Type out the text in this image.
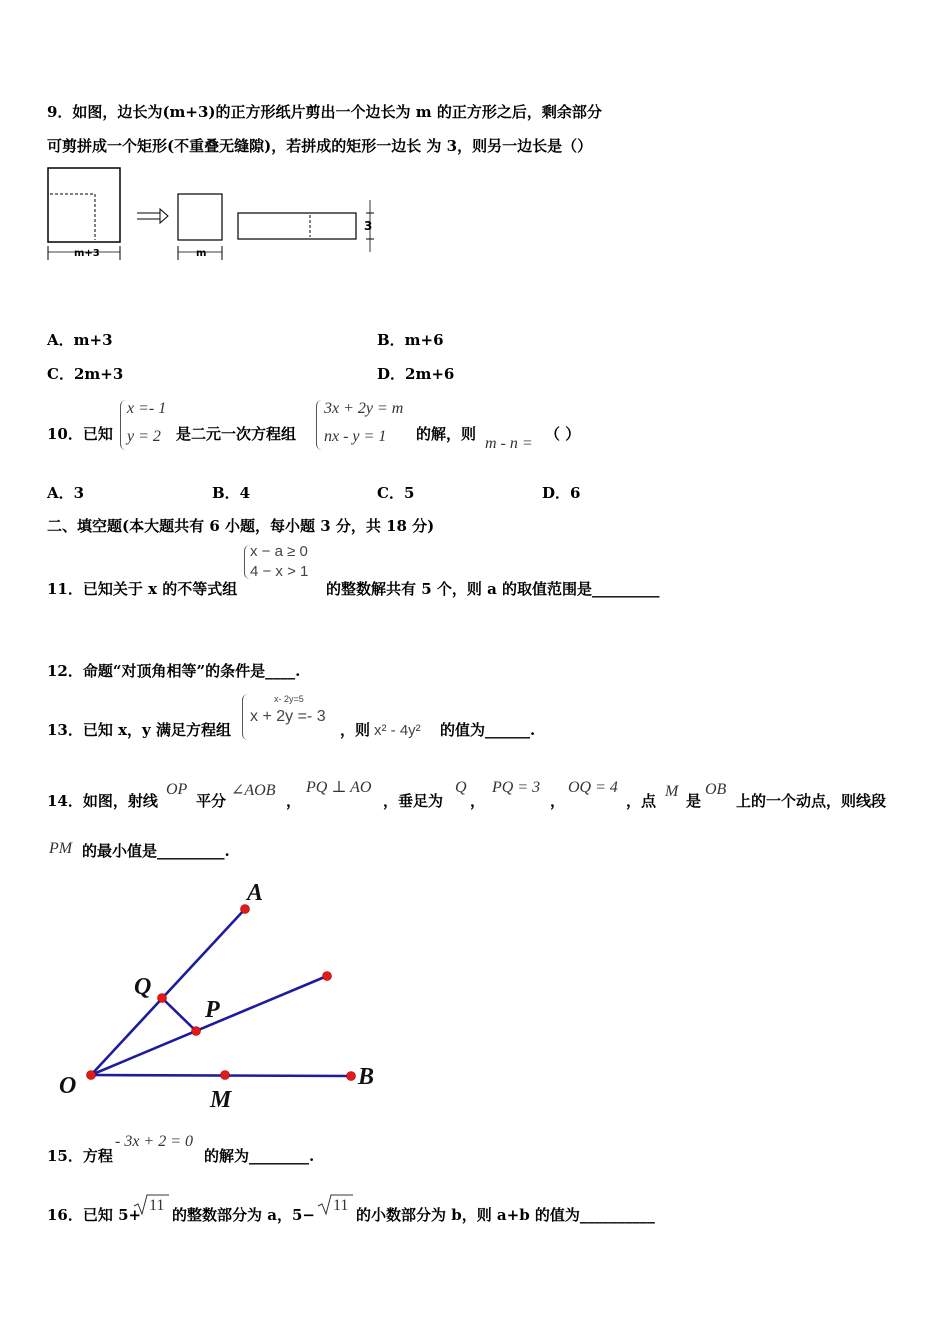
9．如图，边长为(m+3)的正方形纸片剪出一个边长为 m 的正方形之后，剩余部分
可剪拼成一个矩形(不重叠无缝隙)，若拼成的矩形一边长 为 3，则另一边长是（）
m+3	m
3
A．m+3	B．m+6
C．2m+3	D．2m+6
10．已知
x =- 1
y = 2 是二元一次方程组
3x + 2y = m
nx - y = 1 的解，则
m - n =
（ ）
A．3	B．4	C．5	D．6
二、填空题(本大题共有 6 小题，每小题 3 分，共 18 分)
11．已知关于 x 的不等式组
x − a ≥ 0
4 − x > 1
的整数解共有 5 个，则 a 的取值范围是_________
12．命题“对顶角相等”的条件是____.
13．已知 x，y 满足方程组
x- 2y=5
x + 2y =- 3
，则 x² - 4y² 的值为______.
14．如图，射线
OP
平分
∠AOB
，
PQ ⊥ AO
，垂足为
Q
，
PQ = 3
，
OQ = 4
，点
M
是
OB
上的一个动点，则线段
PM 的最小值是_________.
A
Q
P
O
M
B
15．方程
- 3x + 2 = 0
的解为________.
16．已知 5+
11
的整数部分为 a，5−
11
的小数部分为 b，则 a+b 的值为__________
